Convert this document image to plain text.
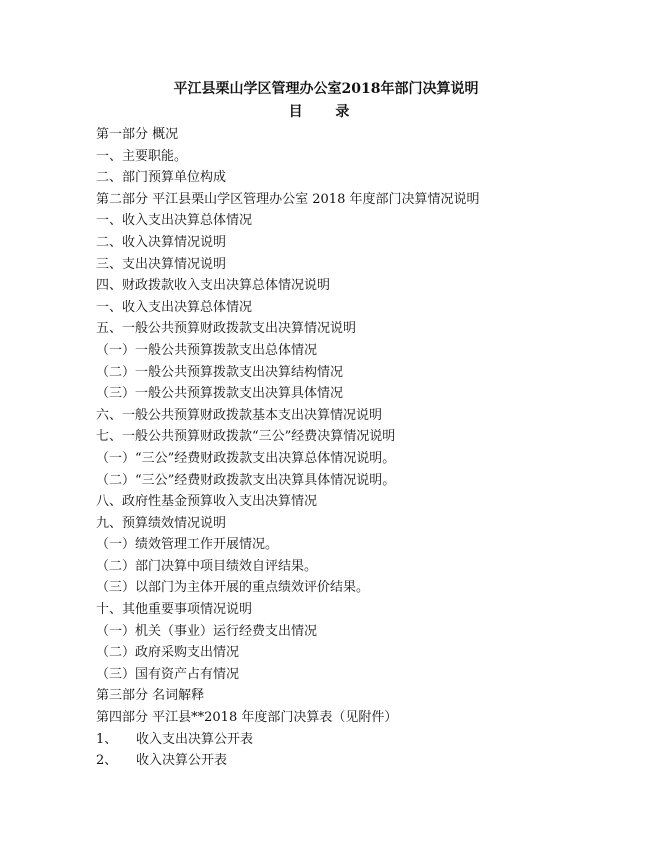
平江县栗山学区管理办公室2018年部门决算说明
目 录
第一部分 概况
一、主要职能。
二、部门预算单位构成
第二部分 平江县栗山学区管理办公室 2018 年度部门决算情况说明
一、收入支出决算总体情况
二、收入决算情况说明
三、支出决算情况说明
四、财政拨款收入支出决算总体情况说明
一、收入支出决算总体情况
五、一般公共预算财政拨款支出决算情况说明
（一）一般公共预算拨款支出总体情况
（二）一般公共预算拨款支出决算结构情况
（三）一般公共预算拨款支出决算具体情况
六、一般公共预算财政拨款基本支出决算情况说明
七、一般公共预算财政拨款“三公”经费决算情况说明
（一）“三公”经费财政拨款支出决算总体情况说明。
（二）“三公”经费财政拨款支出决算具体情况说明。
八、政府性基金预算收入支出决算情况
九、预算绩效情况说明
（一）绩效管理工作开展情况。
（二）部门决算中项目绩效自评结果。
（三）以部门为主体开展的重点绩效评价结果。
十、其他重要事项情况说明
（一）机关（事业）运行经费支出情况
（二）政府采购支出情况
（三）国有资产占有情况
第三部分 名词解释
第四部分 平江县**2018 年度部门决算表（见附件）
1、 收入支出决算公开表
2、 收入决算公开表
